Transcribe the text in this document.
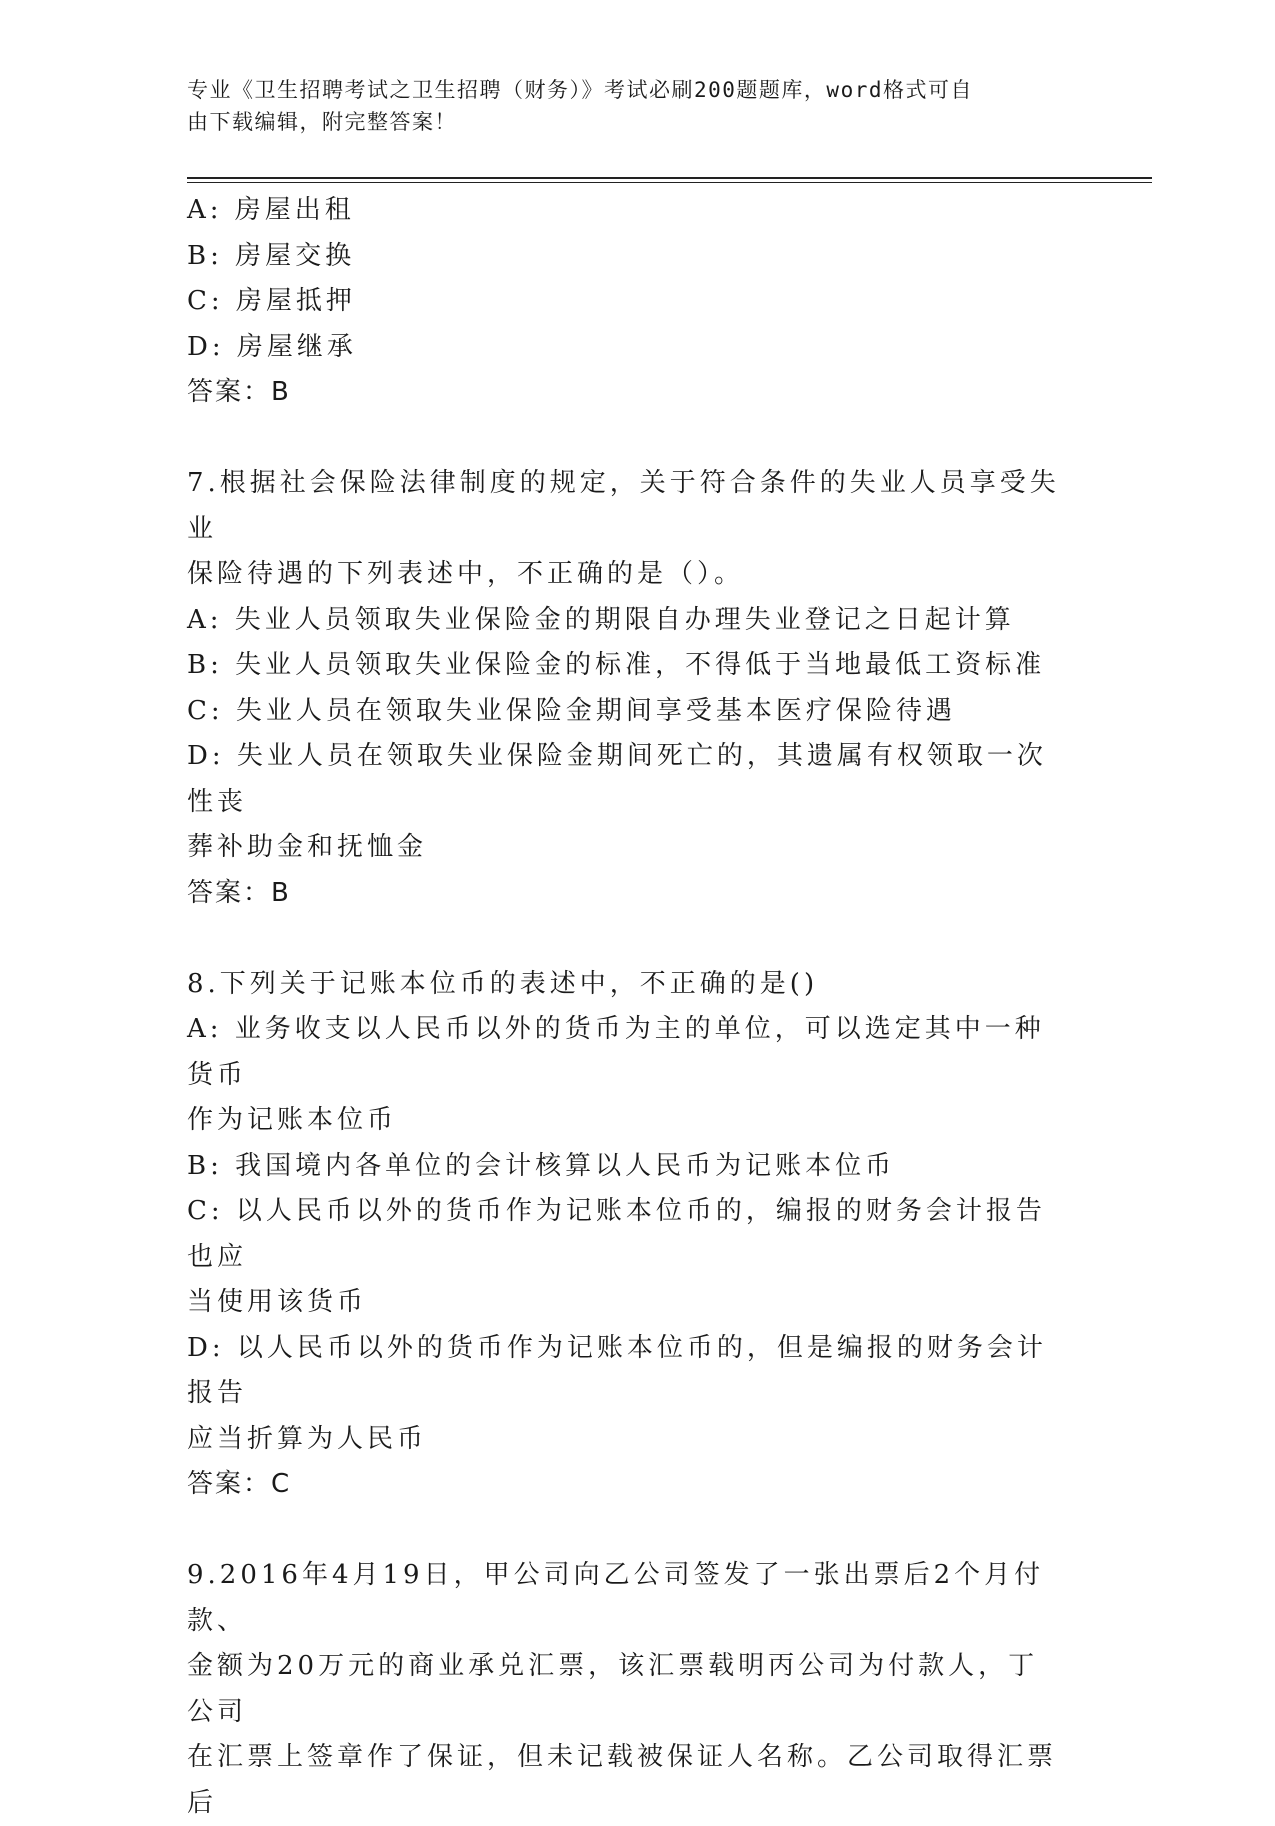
专业《卫生招聘考试之卫生招聘（财务）》考试必刷200题题库，word格式可自
由下载编辑，附完整答案！
A: 房屋出租
B: 房屋交换
C: 房屋抵押
D: 房屋继承
答案：B
7.根据社会保险法律制度的规定，关于符合条件的失业人员享受失业
保险待遇的下列表述中，不正确的是（）。
A: 失业人员领取失业保险金的期限自办理失业登记之日起计算
B: 失业人员领取失业保险金的标准，不得低于当地最低工资标准
C: 失业人员在领取失业保险金期间享受基本医疗保险待遇
D: 失业人员在领取失业保险金期间死亡的，其遗属有权领取一次性丧
葬补助金和抚恤金
答案：B
8.下列关于记账本位币的表述中，不正确的是()
A: 业务收支以人民币以外的货币为主的单位，可以选定其中一种货币
作为记账本位币
B: 我国境内各单位的会计核算以人民币为记账本位币
C: 以人民币以外的货币作为记账本位币的，编报的财务会计报告也应
当使用该货币
D: 以人民币以外的货币作为记账本位币的，但是编报的财务会计报告
应当折算为人民币
答案：C
9.2016年4月19日，甲公司向乙公司签发了一张出票后2个月付款、
金额为20万元的商业承兑汇票，该汇票载明丙公司为付款人，丁公司
在汇票上签章作了保证，但未记载被保证人名称。乙公司取得汇票后
